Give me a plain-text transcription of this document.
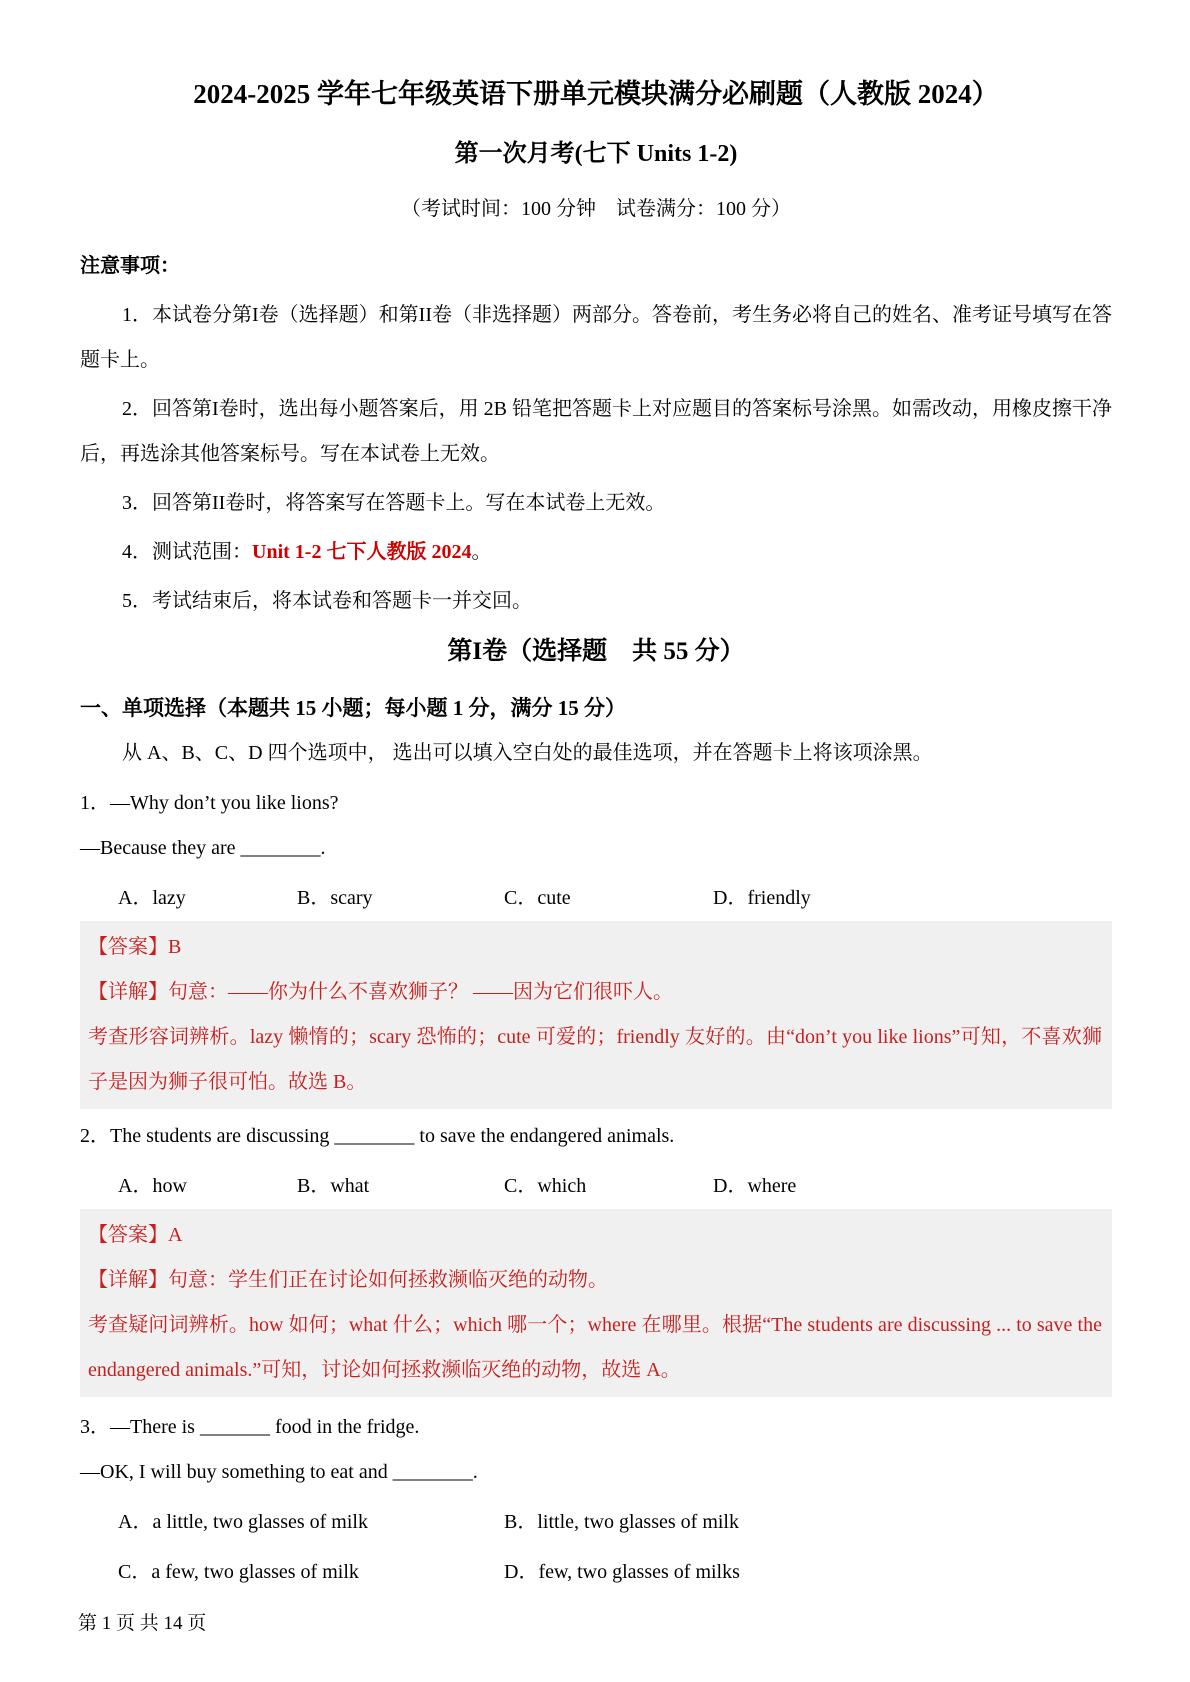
2024-2025 学年七年级英语下册单元模块满分必刷题（人教版 2024）
第一次月考(七下 Units 1-2)

（考试时间：100 分钟　试卷满分：100 分）

注意事项：

1．本试卷分第I卷（选择题）和第II卷（非选择题）两部分。答卷前，考生务必将自己的姓名、准考证号填写在答题卡上。

2．回答第I卷时，选出每小题答案后，用 2B 铅笔把答题卡上对应题目的答案标号涂黑。如需改动，用橡皮擦干净后，再选涂其他答案标号。写在本试卷上无效。

3．回答第II卷时，将答案写在答题卡上。写在本试卷上无效。

4．测试范围：Unit 1-2 七下人教版 2024。

5．考试结束后，将本试卷和答题卡一并交回。

第I卷（选择题　共 55 分）

一、单项选择（本题共 15 小题；每小题 1 分，满分 15 分）

从 A、B、C、D 四个选项中， 选出可以填入空白处的最佳选项，并在答题卡上将该项涂黑。

1．—Why don’t you like lions?

—Because they are ________.

A．lazy	B．scary	C．cute	D．friendly

【答案】B

【详解】句意：——你为什么不喜欢狮子？ ——因为它们很吓人。

考查形容词辨析。lazy 懒惰的；scary 恐怖的；cute 可爱的；friendly 友好的。由“don’t you like lions”可知，不喜欢狮子是因为狮子很可怕。故选 B。

2．The students are discussing ________ to save the endangered animals.

A．how	B．what	C．which	D．where

【答案】A

【详解】句意：学生们正在讨论如何拯救濒临灭绝的动物。

考查疑问词辨析。how 如何；what 什么；which 哪一个；where 在哪里。根据“The students are discussing ... to save the endangered animals.”可知，讨论如何拯救濒临灭绝的动物，故选 A。

3．—There is _______ food in the fridge.

—OK, I will buy something to eat and ________.

A．a little, two glasses of milk	B．little, two glasses of milk
C．a few, two glasses of milk	D．few, two glasses of milks

第 1 页 共 14 页
